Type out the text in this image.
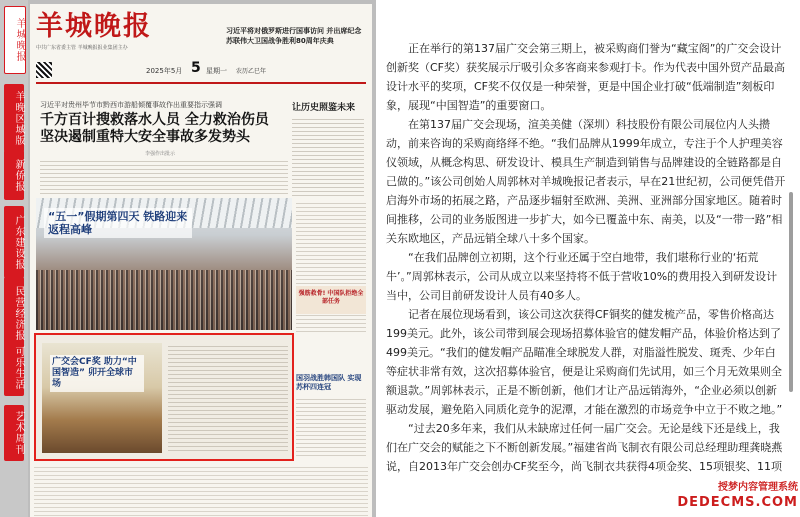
羊城晚报
羊晚区域版
新侨报
广东建设报
民营经济报
可乐生活
艺术周刊
羊城晚报
中共广东省委主管 羊城晚报报业集团主办
习近平将对俄罗斯进行国事访问 并出席纪念苏联伟大卫国战争胜利80周年庆典
2025年5月 5 星期一 农历乙巳年
习近平对贵州毕节市黔西市游船倾覆事故作出重要指示强调
千方百计搜救落水人员 全力救治伤员
坚决遏制重特大安全事故多发势头
李强作出批示
让历史照鉴未来
“五一”假期第四天 铁路迎来返程高峰
强筋救骨! 中国队拒绝全部任务
广交会CF奖 助力“中国智造” 卯开全球市场
国羽战胜韩国队 实现苏杯四连冠

正在举行的第137届广交会第三期上，被采购商们誉为“藏宝阁”的广交会设计创新奖（CF奖）获奖展示厅吸引众多客商来参观打卡。作为代表中国外贸产品最高设计水平的奖项，CF奖不仅仅是一种荣誉，更是中国企业打破“低端制造”刻板印象，展现“中国智造”的重要窗口。

在第137届广交会现场，渲美美健（深圳）科技股份有限公司展位内人头攒动，前来咨询的采购商络绎不绝。“我们品牌从1999年成立，专注于个人护理美容仪领域，从概念构思、研发设计、模具生产制造到销售与品牌建设的全链路都是自己做的。”该公司创始人周郭林对羊城晚报记者表示，早在21世纪初，公司便凭借开启海外市场的拓展之路，产品逐步辐射至欧洲、美洲、亚洲部分国家地区。随着时间推移，公司的业务版图进一步扩大，如今已覆盖中东、南美，以及“一带一路”相关东欧地区，产品远销全球八十多个国家。

“在我们品牌创立初期，这个行业还属于空白地带，我们堪称行业的‘拓荒牛’。”周郭林表示，公司从成立以来坚持将不低于营收10%的费用投入到研发设计当中，公司目前研发设计人员有40多人。

记者在展位现场看到，该公司这次获得CF铜奖的健发梳产品，零售价格高达199美元。此外，该公司带到展会现场招募体验官的健发帽产品，体验价格达到了499美元。“我们的健发帽产品瞄准全球脱发人群，对脂溢性脱发、斑秃、少年白等症状非常有效，这次招募体验官，便是让采购商们先试用，如三个月无效果则全额退款。”周郭林表示，正是不断创新，他们才让产品远销海外，“企业必须以创新驱动发展，避免陷入同质化竞争的泥潭，才能在激烈的市场竞争中立于不败之地。”

“过去20多年来，我们从未缺席过任何一届广交会。无论是线下还是线上，我们在广交会的赋能之下不断创新发展。”福建省尚飞制衣有限公司总经理助理龚晓燕说，自2013年广交会创办CF奖至今，尚飞制衣共获得4项金奖、15项银奖、11项

授梦内容管理系统
DEDECMS.COM
